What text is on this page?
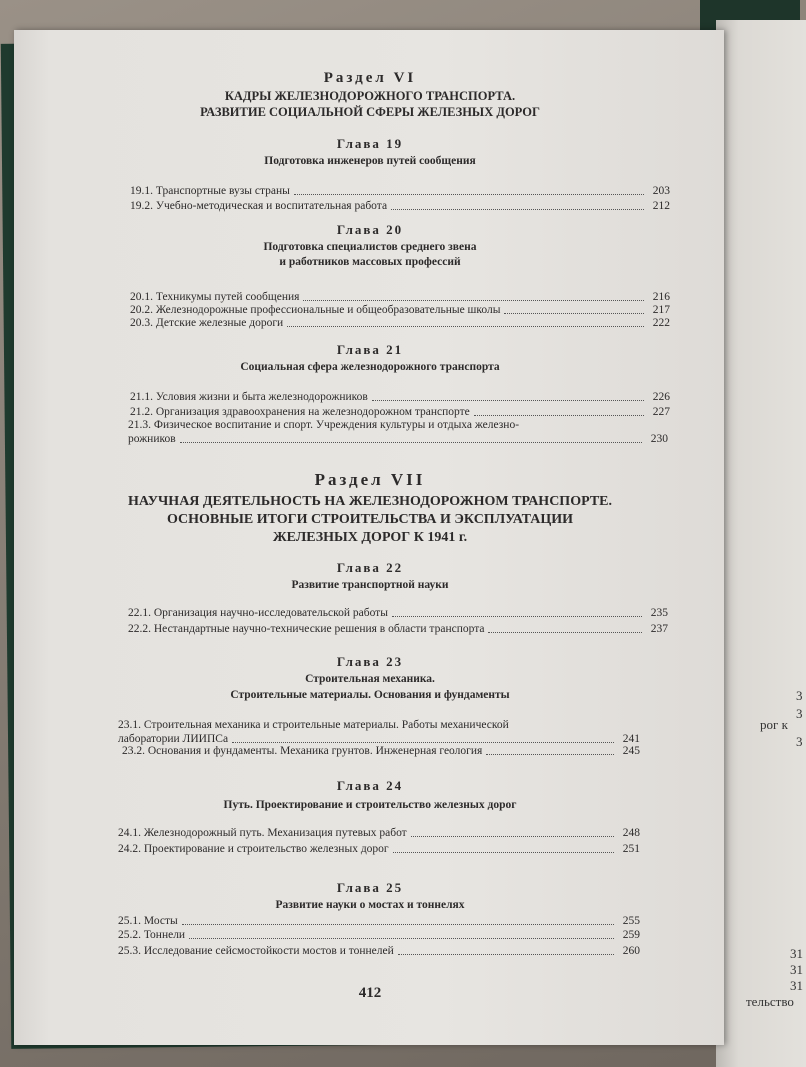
3
3
рог к
3
31
31
31
тельство
Раздел VI
КАДРЫ ЖЕЛЕЗНОДОРОЖНОГО ТРАНСПОРТА.
РАЗВИТИЕ СОЦИАЛЬНОЙ СФЕРЫ ЖЕЛЕЗНЫХ ДОРОГ
Глава 19
Подготовка инженеров путей сообщения
19.1.
Транспортные вузы страны	203
19.2.
Учебно-методическая и воспитательная работа	212
Глава 20
Подготовка специалистов среднего звена
и работников массовых профессий
20.1.
Техникумы путей сообщения	216
20.2.
Железнодорожные профессиональные и общеобразовательные школы	217
20.3.
Детские железные дороги	222
Глава 21
Социальная сфера железнодорожного транспорта
21.1.
Условия жизни и быта железнодорожников	226
21.2.
Организация здравоохранения на железнодорожном транспорте	227
21.3.
Физическое воспитание и спорт. Учреждения культуры и отдыха железно-
рожников	230
Раздел VII
НАУЧНАЯ ДЕЯТЕЛЬНОСТЬ НА ЖЕЛЕЗНОДОРОЖНОМ ТРАНСПОРТЕ.
ОСНОВНЫЕ ИТОГИ СТРОИТЕЛЬСТВА И ЭКСПЛУАТАЦИИ
ЖЕЛЕЗНЫХ ДОРОГ К 1941 г.
Глава 22
Развитие транспортной науки
22.1.
Организация научно-исследовательской работы	235
22.2.
Нестандартные научно-технические решения в области транспорта	237
Глава 23
Строительная механика.
Строительные материалы. Основания и фундаменты
23.1.
Строительная механика и строительные материалы. Работы механической
лаборатории ЛИИПСа	241
23.2.
Основания и фундаменты. Механика грунтов. Инженерная геология	245
Глава 24
Путь. Проектирование и строительство железных дорог
24.1.
Железнодорожный путь. Механизация путевых работ	248
24.2.
Проектирование и строительство железных дорог	251
Глава 25
Развитие науки о мостах и тоннелях
25.1.
Мосты	255
25.2.
Тоннели	259
25.3.
Исследование сейсмостойкости мостов и тоннелей	260
412
